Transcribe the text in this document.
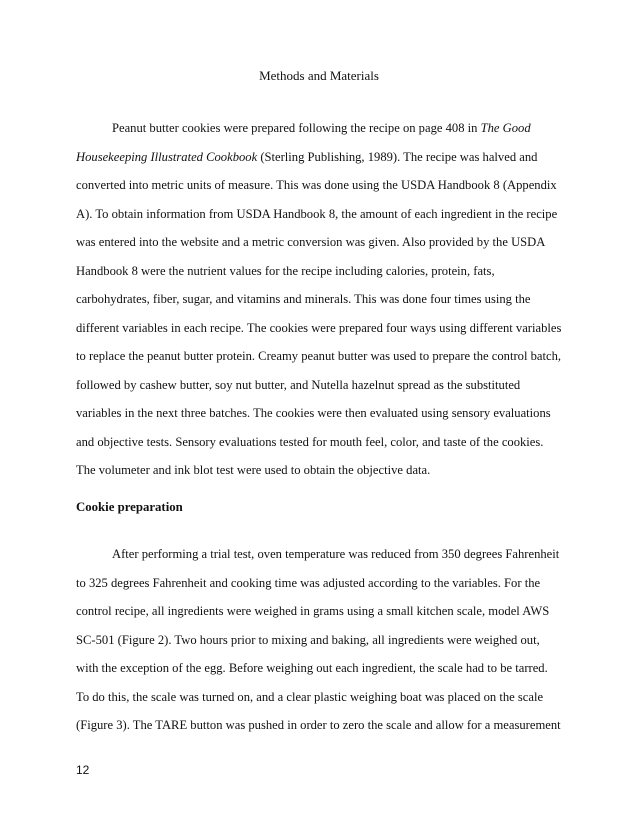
Methods and Materials

Peanut butter cookies were prepared following the recipe on page 408 in The Good
Housekeeping Illustrated Cookbook (Sterling Publishing, 1989). The recipe was halved and
converted into metric units of measure. This was done using the USDA Handbook 8 (Appendix
A). To obtain information from USDA Handbook 8, the amount of each ingredient in the recipe
was entered into the website and a metric conversion was given. Also provided by the USDA
Handbook 8 were the nutrient values for the recipe including calories, protein, fats,
carbohydrates, fiber, sugar, and vitamins and minerals. This was done four times using the
different variables in each recipe. The cookies were prepared four ways using different variables
to replace the peanut butter protein. Creamy peanut butter was used to prepare the control batch,
followed by cashew butter, soy nut butter, and Nutella hazelnut spread as the substituted
variables in the next three batches. The cookies were then evaluated using sensory evaluations
and objective tests. Sensory evaluations tested for mouth feel, color, and taste of the cookies.
The volumeter and ink blot test were used to obtain the objective data.

Cookie preparation

After performing a trial test, oven temperature was reduced from 350 degrees Fahrenheit
to 325 degrees Fahrenheit and cooking time was adjusted according to the variables. For the
control recipe, all ingredients were weighed in grams using a small kitchen scale, model AWS
SC-501 (Figure 2). Two hours prior to mixing and baking, all ingredients were weighed out,
with the exception of the egg. Before weighing out each ingredient, the scale had to be tarred.
To do this, the scale was turned on, and a clear plastic weighing boat was placed on the scale
(Figure 3). The TARE button was pushed in order to zero the scale and allow for a measurement

12
